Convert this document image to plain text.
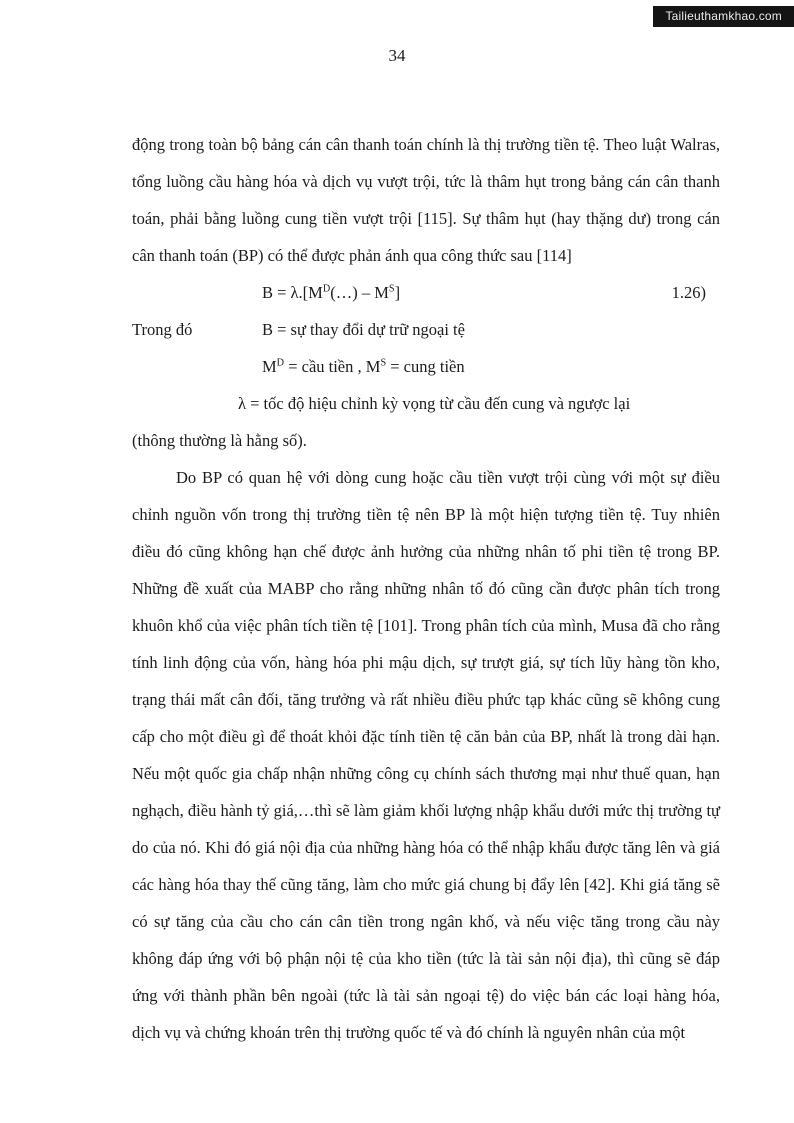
Tailieuthamkhao.com
34

động trong toàn bộ bảng cán cân thanh toán chính là thị trường tiền tệ. Theo luật Walras, tổng luồng cầu hàng hóa và dịch vụ vượt trội, tức là thâm hụt trong bảng cán cân thanh toán, phải bằng luồng cung tiền vượt trội [115]. Sự thâm hụt (hay thặng dư) trong cán cân thanh toán (BP) có thể được phản ánh qua công thức sau [114]

$B = \lambda.[M^D(\dots) - M^S]$	1.26)
Trong đó	B = sự thay đổi dự trữ ngoại tệ
$M^D$ = cầu tiền , $M^S$ = cung tiền
λ = tốc độ hiệu chỉnh kỳ vọng từ cầu đến cung và ngược lại
(thông thường là hằng số).

Do BP có quan hệ với dòng cung hoặc cầu tiền vượt trội cùng với một sự điều chỉnh nguồn vốn trong thị trường tiền tệ nên BP là một hiện tượng tiền tệ. Tuy nhiên điều đó cũng không hạn chế được ảnh hưởng của những nhân tố phi tiền tệ trong BP. Những đề xuất của MABP cho rằng những nhân tố đó cũng cần được phân tích trong khuôn khổ của việc phân tích tiền tệ [101]. Trong phân tích của mình, Musa đã cho rằng tính linh động của vốn, hàng hóa phi mậu dịch, sự trượt giá, sự tích lũy hàng tồn kho, trạng thái mất cân đối, tăng trưởng và rất nhiều điều phức tạp khác cũng sẽ không cung cấp cho một điều gì để thoát khỏi đặc tính tiền tệ căn bản của BP, nhất là trong dài hạn. Nếu một quốc gia chấp nhận những công cụ chính sách thương mại như thuế quan, hạn nghạch, điều hành tỷ giá,…thì sẽ làm giảm khối lượng nhập khẩu dưới mức thị trường tự do của nó. Khi đó giá nội địa của những hàng hóa có thể nhập khẩu được tăng lên và giá các hàng hóa thay thế cũng tăng, làm cho mức giá chung bị đẩy lên [42]. Khi giá tăng sẽ có sự tăng của cầu cho cán cân tiền trong ngân khố, và nếu việc tăng trong cầu này không đáp ứng với bộ phận nội tệ của kho tiền (tức là tài sản nội địa), thì cũng sẽ đáp ứng với thành phần bên ngoài (tức là tài sản ngoại tệ) do việc bán các loại hàng hóa, dịch vụ và chứng khoán trên thị trường quốc tế và đó chính là nguyên nhân của một
